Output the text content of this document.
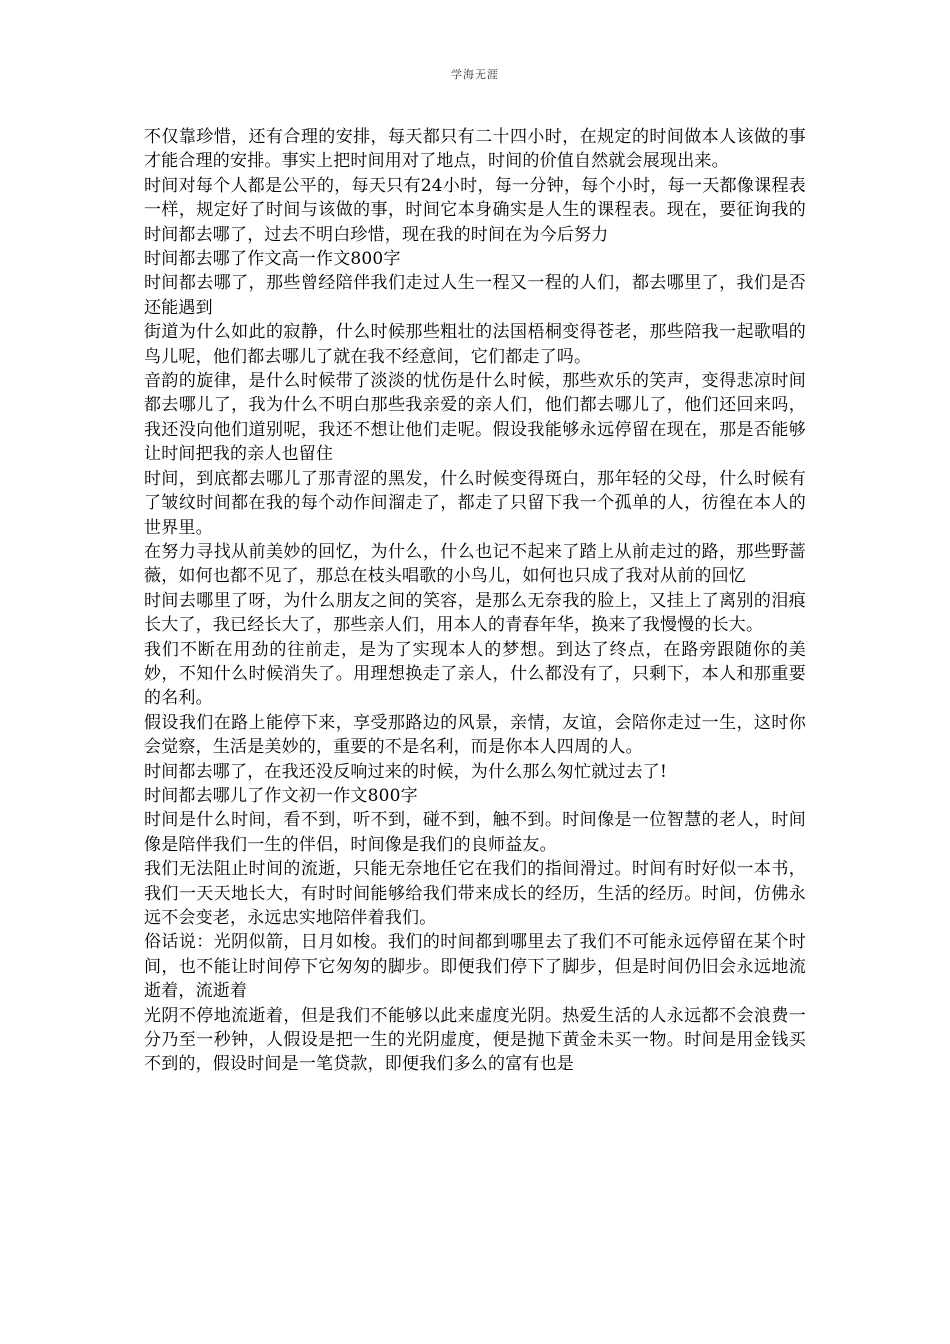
学海无涯

不仅靠珍惜，还有合理的安排，每天都只有二十四小时，在规定的时间做本人该做的事才能合理的安排。事实上把时间用对了地点，时间的价值自然就会展现出来。

时间对每个人都是公平的，每天只有24小时，每一分钟，每个小时，每一天都像课程表一样，规定好了时间与该做的事，时间它本身确实是人生的课程表。现在，要征询我的时间都去哪了，过去不明白珍惜，现在我的时间在为今后努力

时间都去哪了作文高一作文800字

时间都去哪了，那些曾经陪伴我们走过人生一程又一程的人们，都去哪里了，我们是否还能遇到

街道为什么如此的寂静，什么时候那些粗壮的法国梧桐变得苍老，那些陪我一起歌唱的鸟儿呢，他们都去哪儿了就在我不经意间，它们都走了吗。

音韵的旋律，是什么时候带了淡淡的忧伤是什么时候，那些欢乐的笑声，变得悲凉时间都去哪儿了，我为什么不明白那些我亲爱的亲人们，他们都去哪儿了，他们还回来吗，我还没向他们道别呢，我还不想让他们走呢。假设我能够永远停留在现在，那是否能够让时间把我的亲人也留住

时间，到底都去哪儿了那青涩的黑发，什么时候变得斑白，那年轻的父母，什么时候有了皱纹时间都在我的每个动作间溜走了，都走了只留下我一个孤单的人，彷徨在本人的世界里。

在努力寻找从前美妙的回忆，为什么，什么也记不起来了踏上从前走过的路，那些野蔷薇，如何也都不见了，那总在枝头唱歌的小鸟儿，如何也只成了我对从前的回忆

时间去哪里了呀，为什么朋友之间的笑容，是那么无奈我的脸上，又挂上了离别的泪痕长大了，我已经长大了，那些亲人们，用本人的青春年华，换来了我慢慢的长大。

我们不断在用劲的往前走，是为了实现本人的梦想。到达了终点，在路旁跟随你的美妙，不知什么时候消失了。用理想换走了亲人，什么都没有了，只剩下，本人和那重要的名利。

假设我们在路上能停下来，享受那路边的风景，亲情，友谊，会陪你走过一生，这时你会觉察，生活是美妙的，重要的不是名利，而是你本人四周的人。

时间都去哪了，在我还没反响过来的时候，为什么那么匆忙就过去了!

时间都去哪儿了作文初一作文800字

时间是什么时间，看不到，听不到，碰不到，触不到。时间像是一位智慧的老人，时间像是陪伴我们一生的伴侣，时间像是我们的良师益友。

我们无法阻止时间的流逝，只能无奈地任它在我们的指间滑过。时间有时好似一本书，我们一天天地长大，有时时间能够给我们带来成长的经历，生活的经历。时间，仿佛永远不会变老，永远忠实地陪伴着我们。

俗话说：光阴似箭，日月如梭。我们的时间都到哪里去了我们不可能永远停留在某个时间，也不能让时间停下它匆匆的脚步。即便我们停下了脚步，但是时间仍旧会永远地流逝着，流逝着

光阴不停地流逝着，但是我们不能够以此来虚度光阴。热爱生活的人永远都不会浪费一分乃至一秒钟，人假设是把一生的光阴虚度，便是抛下黄金未买一物。时间是用金钱买不到的，假设时间是一笔贷款，即便我们多么的富有也是
